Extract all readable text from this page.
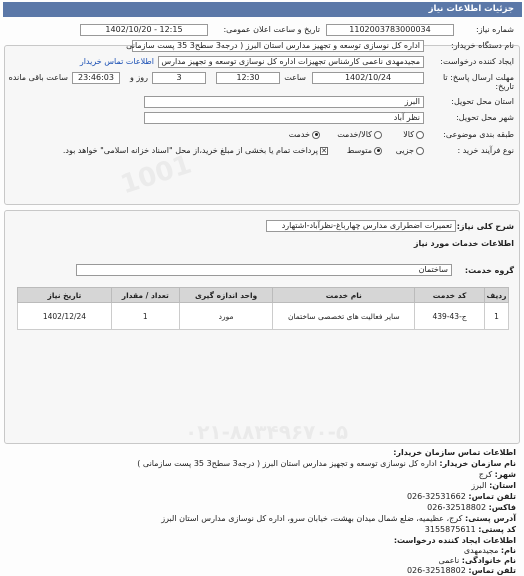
جزئیات اطلاعات نیاز
1001
۰۲۱-۸۸۳۴۹۶۷۰-۵
شماره نیاز:
1102003783000034
تاریخ و ساعت اعلان عمومی:
1402/10/20 - 12:15
نام دستگاه خریدار:
اداره کل نوسازی توسعه و تجهیز مدارس استان البرز ( درجه3 سطح3 35 پست سازمانی
ایجاد کننده درخواست:
مجیدمهدی ناعمی کارشناس تجهیزات اداره کل نوسازی توسعه و تجهیز مدارس
اطلاعات تماس خریدار
مهلت ارسال پاسخ: تا تاریخ:
1402/10/24
ساعت
12:30
3
روز و
23:46:03
ساعت باقی مانده
استان محل تحویل:
البرز
شهر محل تحویل:
نظر آباد
طبقه بندی موضوعی:
کالا
کالا/خدمت
خدمت
نوع فرآیند خرید :
جزیی
متوسط
✕پرداخت تمام یا بخشی از مبلغ خرید،از محل "اسناد خزانه اسلامی" خواهد بود.
شرح کلی نیاز:
تعمیرات اضطراری مدارس چهارباغ-نظرآباد-اشتهارد
اطلاعات خدمات مورد نیاز
گروه خدمت:
ساختمان
ردیف	کد خدمت	نام خدمت	واحد اندازه گیری	تعداد / مقدار	تاریخ نیاز
1	ج-43-439	سایر فعالیت های تخصصی ساختمان	مورد	1	1402/12/24
اطلاعات تماس سازمان خریدار:
نام سازمان خریدار: اداره کل نوسازی توسعه و تجهیز مدارس استان البرز ( درجه3 سطح3 35 پست سازمانی )
شهر: کرج
استان: البرز
تلفن تماس: 026-32531662
فاکس: 026-32518802
آدرس پستی: کرج، عظیمیه، ضلع شمال میدان بهشت، خیابان سرو، اداره کل نوسازی مدارس استان البرز
کد پستی: 3155875611
اطلاعات ایجاد کننده درخواست:
نام: مجیدمهدی
نام خانوادگی: ناعمی
تلفن تماس: 026-32518802
